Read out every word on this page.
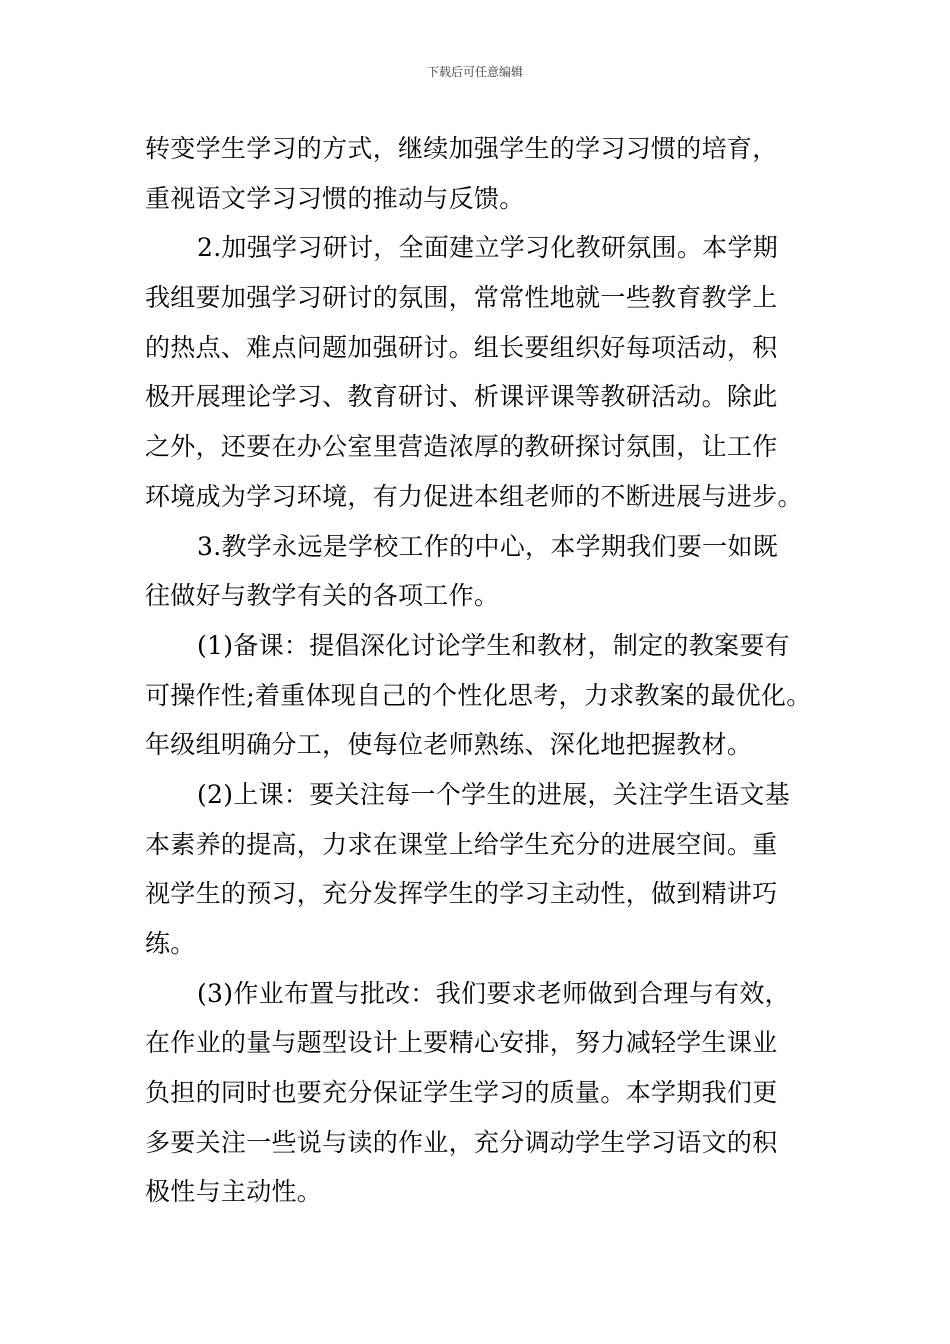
下载后可任意编辑
转变学生学习的方式，继续加强学生的学习习惯的培育，
重视语文学习习惯的推动与反馈。
2.加强学习研讨，全面建立学习化教研氛围。本学期
我组要加强学习研讨的氛围，常常性地就一些教育教学上
的热点、难点问题加强研讨。组长要组织好每项活动，积
极开展理论学习、教育研讨、析课评课等教研活动。除此
之外，还要在办公室里营造浓厚的教研探讨氛围，让工作
环境成为学习环境，有力促进本组老师的不断进展与进步。
3.教学永远是学校工作的中心，本学期我们要一如既
往做好与教学有关的各项工作。
(1)备课：提倡深化讨论学生和教材，制定的教案要有
可操作性;着重体现自己的个性化思考，力求教案的最优化。
年级组明确分工，使每位老师熟练、深化地把握教材。
(2)上课：要关注每一个学生的进展，关注学生语文基
本素养的提高，力求在课堂上给学生充分的进展空间。重
视学生的预习，充分发挥学生的学习主动性，做到精讲巧
练。
(3)作业布置与批改：我们要求老师做到合理与有效，
在作业的量与题型设计上要精心安排，努力减轻学生课业
负担的同时也要充分保证学生学习的质量。本学期我们更
多要关注一些说与读的作业，充分调动学生学习语文的积
极性与主动性。
